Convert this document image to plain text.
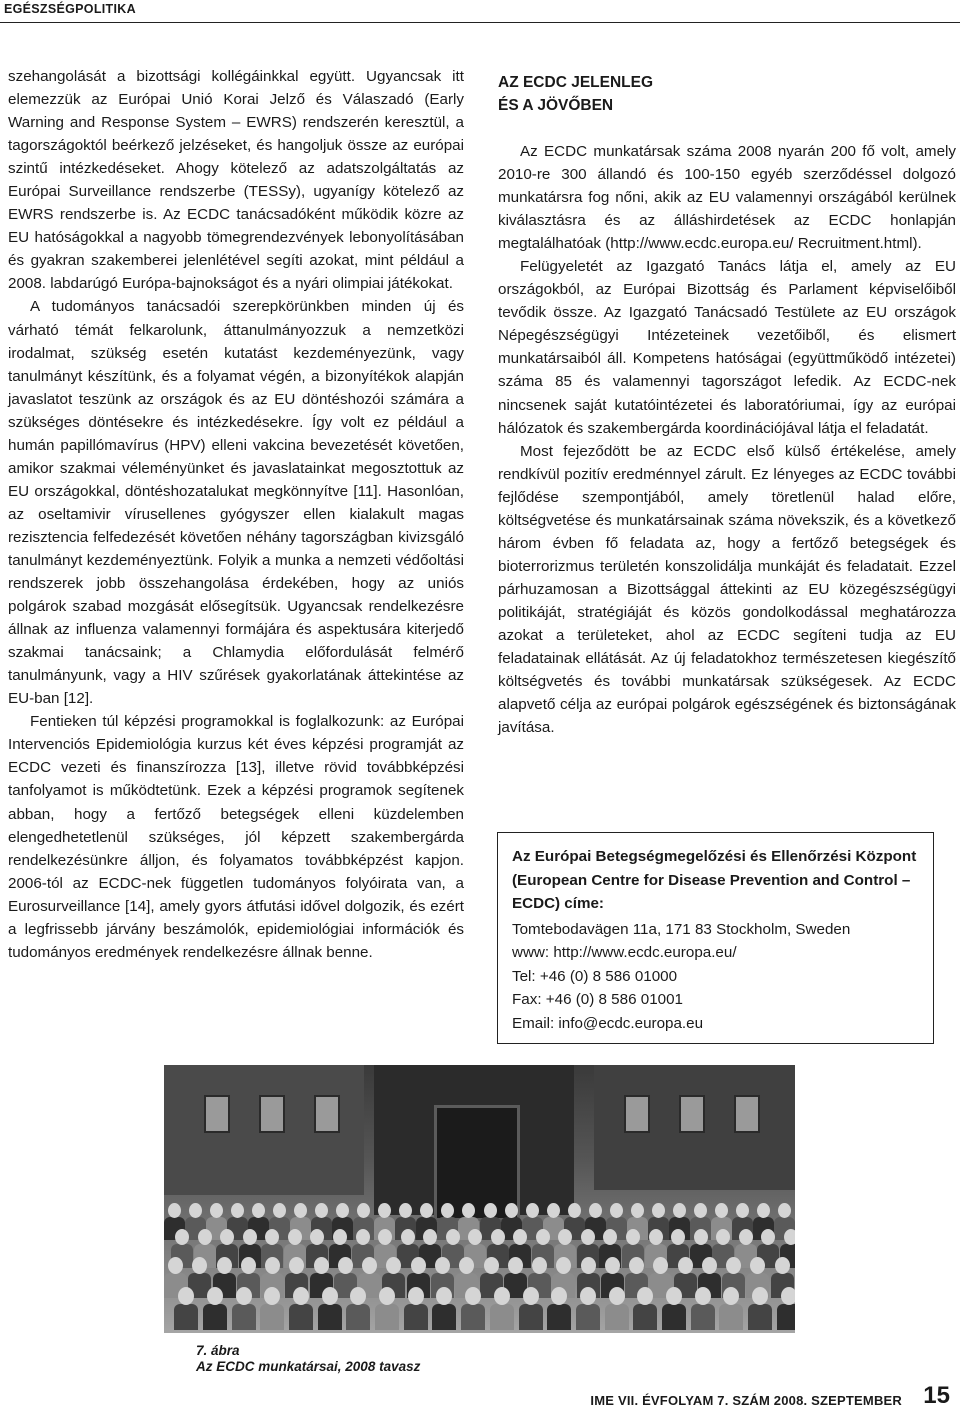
EGÉSZSÉGPOLITIKA

szehangolását a bizottsági kollégáinkkal együtt. Ugyancsak itt elemezzük az Európai Unió Korai Jelző és Válaszadó (Early Warning and Response System – EWRS) rendszerén keresztül, a tagországoktól beérkező jelzéseket, és hangoljuk össze az európai szintű intézkedéseket. Ahogy kötelező az adatszolgáltatás az Európai Surveillance rendszerbe (TESSy), ugyanígy kötelező az EWRS rendszerbe is. Az ECDC tanácsadóként működik közre az EU hatóságokkal a nagyobb tömegrendezvények lebonyolításában és gyakran szakemberei jelenlétével segíti azokat, mint például a 2008. labdarúgó Európa-bajnokságot és a nyári olimpiai játékokat.

A tudományos tanácsadói szerepkörünkben minden új és várható témát felkarolunk, áttanulmányozzuk a nemzetközi irodalmat, szükség esetén kutatást kezdeményezünk, vagy tanulmányt készítünk, és a folyamat végén, a bizonyítékok alapján javaslatot teszünk az országok és az EU döntéshozói számára a szükséges döntésekre és intézkedésekre. Így volt ez például a humán papillómavírus (HPV) elleni vakcina bevezetését követően, amikor szakmai véleményünket és javaslatainkat megosztottuk az EU országokkal, döntéshozatalukat megkönnyítve [11]. Hasonlóan, az oseltamivir vírusellenes gyógyszer ellen kialakult magas rezisztencia felfedezését követően néhány tagországban kivizsgáló tanulmányt kezdeményeztünk. Folyik a munka a nemzeti védőoltási rendszerek jobb összehangolása érdekében, hogy az uniós polgárok szabad mozgását elősegítsük. Ugyancsak rendelkezésre állnak az influenza valamennyi formájára és aspektusára kiterjedő szakmai tanácsaink; a Chlamydia előfordulását felmérő tanulmányunk, vagy a HIV szűrések gyakorlatának áttekintése az EU-ban [12].

Fentieken túl képzési programokkal is foglalkozunk: az Európai Intervenciós Epidemiológia kurzus két éves képzési programját az ECDC vezeti és finanszírozza [13], illetve rövid továbbképzési tanfolyamot is működtetünk. Ezek a képzési programok segítenek abban, hogy a fertőző betegségek elleni küzdelemben elengedhetetlenül szükséges, jól képzett szakembergárda rendelkezésünkre álljon, és folyamatos továbbképzést kapjon. 2006-tól az ECDC-nek független tudományos folyóirata van, a Eurosurveillance [14], amely gyors átfutási idővel dolgozik, és ezért a legfrissebb járvány beszámolók, epidemiológiai információk és tudományos eredmények rendelkezésre állnak benne.

AZ ECDC JELENLEG
ÉS A JÖVŐBEN

Az ECDC munkatársak száma 2008 nyarán 200 fő volt, amely 2010-re 300 állandó és 100-150 egyéb szerződéssel dolgozó munkatársra fog nőni, akik az EU valamennyi országából kerülnek kiválasztásra és az álláshirdetések az ECDC honlapján megtalálhatóak (http://www.ecdc.europa.eu/ Recruitment.html).

Felügyeletét az Igazgató Tanács látja el, amely az EU országokból, az Európai Bizottság és Parlament képviselőiből tevődik össze. Az Igazgató Tanácsadó Testülete az EU országok Népegészségügyi Intézeteinek vezetőiből, és elismert munkatársaiból áll. Kompetens hatóságai (együttműködő intézetei) száma 85 és valamennyi tagországot lefedik. Az ECDC-nek nincsenek saját kutatóintézetei és laboratóriumai, így az európai hálózatok és szakembergárda koordinációjával látja el feladatát.

Most fejeződött be az ECDC első külső értékelése, amely rendkívül pozitív eredménnyel zárult. Ez lényeges az ECDC további fejlődése szempontjából, amely töretlenül halad előre, költségvetése és munkatársainak száma növekszik, és a következő három évben fő feladata az, hogy a fertőző betegségek és bioterrorizmus területén konszolidálja munkáját és feladatait. Ezzel párhuzamosan a Bizottsággal áttekinti az EU közegészségügyi politikáját, stratégiáját és közös gondolkodással meghatározza azokat a területeket, ahol az ECDC segíteni tudja az EU feladatainak ellátását. Az új feladatokhoz természetesen kiegészítő költségvetés és további munkatársak szükségesek. Az ECDC alapvető célja az európai polgárok egészségének és biztonságának javítása.

Az Európai Betegségmegelőzési és Ellenőrzési Központ (European Centre for Disease Prevention and Control – ECDC) címe:
Tomtebodavägen 11a, 171 83 Stockholm, Sweden
www: http://www.ecdc.europa.eu/
Tel: +46 (0) 8 586 01000
Fax: +46 (0) 8 586 01001
Email: info@ecdc.europa.eu
7. ábra
Az ECDC munkatársai, 2008 tavasz
IME VII. ÉVFOLYAM 7. SZÁM 2008. SZEPTEMBER 15
